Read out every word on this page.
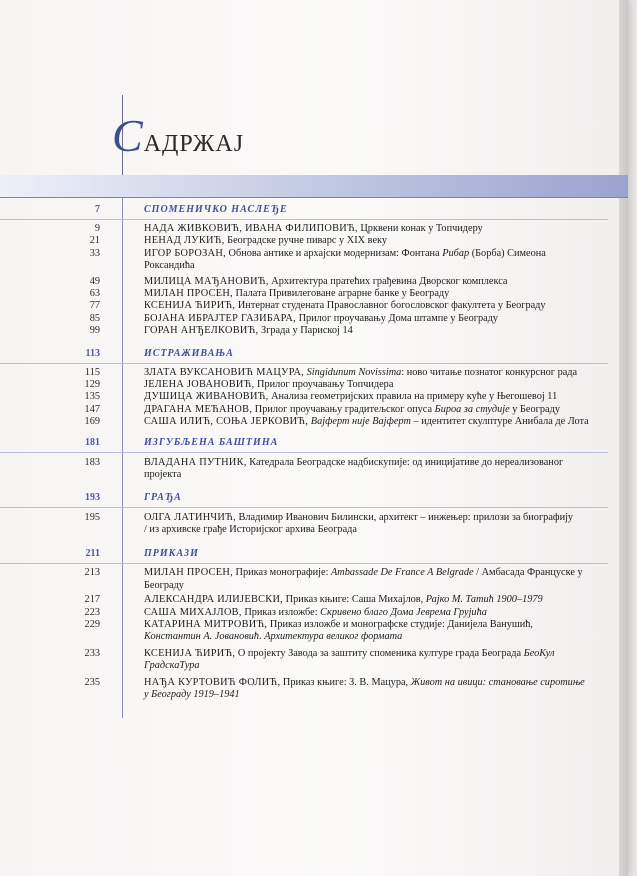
САДРЖАЈ
7	СПОМЕНИЧКО НАСЛЕЂЕ
9	НАДА ЖИВКОВИЋ, ИВАНА ФИЛИПОВИЋ, Црквени конак у Топчидеру
21	НЕНАД ЛУКИЋ, Београдске ручне пиварс у XIX веку
33	ИГОР БОРОЗАН, Обнова антике и архајски модернизам: Фонтана Рибар (Борба) Симеона
Роксандића
49	МИЛИЦА МАЂАНОВИЋ, Архитектура пратећих грађевина Дворског комплекса
63	МИЛАН ПРОСЕН, Палата Привилеговане аграрне банке у Београду
77	КСЕНИЈА ЋИРИЋ, Интернат студената Православног богословског факултета у Београду
85	БОЈАНА ИБРАЈТЕР ГАЗИБАРА, Прилог проучавању Дома штампе у Београду
99	ГОРАН АНЂЕЛКОВИЋ, Зграда у Париској 14
113	ИСТРАЖИВАЊА
115	ЗЛАТА ВУКСАНОВИЋ МАЦУРА, Singidunum Novissima: ново читање познатог конкурсног рада
129	ЈЕЛЕНА ЈОВАНОВИЋ, Прилог проучавању Топчидера
135	ДУШИЦА ЖИВАНОВИЋ, Анализа геометријских правила на примеру куће у Његошевој 11
147	ДРАГАНА МЕЋАНОВ, Прилог проучавању градитељског опуса Бироа за студије у Београду
169	САША ИЛИЋ, СОЊА ЈЕРКОВИЋ, Вајферт није Вајферт – идентитет скулптуре Анибала де Лота
181	ИЗГУБЉЕНА БАШТИНА
183	ВЛАДАНА ПУТНИК, Катедрала Београдске надбискупије: од иницијативе до нереализованог пројекта
193	ГРАЂА
195	ОЛГА ЛАТИНЧИЋ, Владимир Иванович Билински, архитект – инжењер: прилози за биографију
/ из архивске грађе Историјског архива Београда
211	ПРИКАЗИ
213	МИЛАН ПРОСЕН, Приказ монографије: Ambassade De France A Belgrade / Амбасада Француске у
Београду
217	АЛЕКСАНДРА ИЛИЈЕВСКИ, Приказ књиге: Саша Михајлов, Рајко М. Татић 1900–1979
223	САША МИХАЈЛОВ, Приказ изложбе: Скривено благо Дома Јеврема Грујића
229	КАТАРИНА МИТРОВИЋ, Приказ изложбе и монографске студије: Данијела Ванушић,
Константин А. Јовановић. Архитектура великог формата
233	КСЕНИЈА ЋИРИЋ, О пројекту Завода за заштиту споменика културе града Београда БеоКул
ГрадскаТура
235	НАЂА КУРТОВИЋ ФОЛИЋ, Приказ књиге: З. В. Мацура, Живот на ивици: становање сиротиње
у Београду 1919–1941
